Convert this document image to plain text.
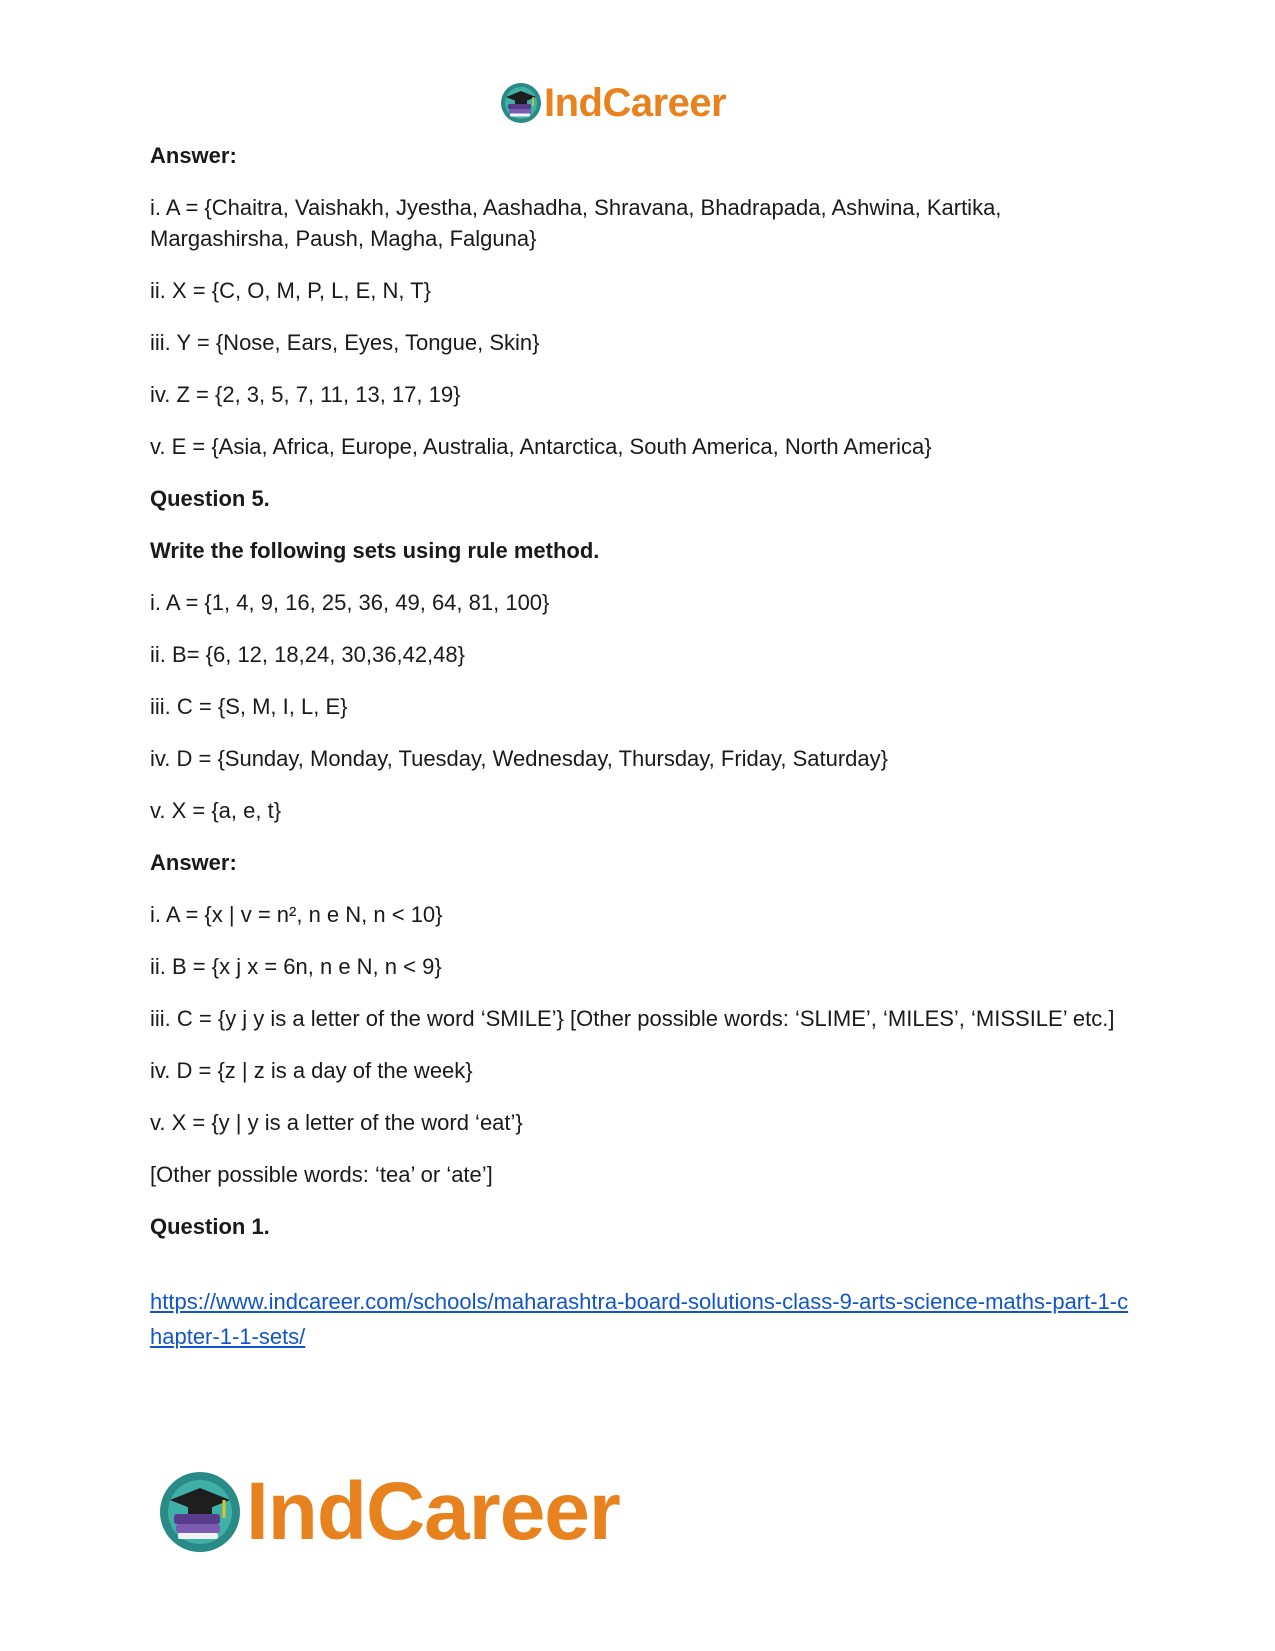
IndCareer

Answer:

i. A = {Chaitra, Vaishakh, Jyestha, Aashadha, Shravana, Bhadrapada, Ashwina, Kartika, Margashirsha, Paush, Magha, Falguna}

ii. X = {C, O, M, P, L, E, N, T}

iii. Y = {Nose, Ears, Eyes, Tongue, Skin}

iv. Z = {2, 3, 5, 7, 11, 13, 17, 19}

v. E = {Asia, Africa, Europe, Australia, Antarctica, South America, North America}

Question 5.

Write the following sets using rule method.

i. A = {1, 4, 9, 16, 25, 36, 49, 64, 81, 100}

ii. B= {6, 12, 18,24, 30,36,42,48}

iii. C = {S, M, I, L, E}

iv. D = {Sunday, Monday, Tuesday, Wednesday, Thursday, Friday, Saturday}

v. X = {a, e, t}

Answer:

i. A = {x | v = n², n e N, n < 10}

ii. B = {x j x = 6n, n e N, n < 9}

iii. C = {y j y is a letter of the word ‘SMILE’} [Other possible words: ‘SLIME’, ‘MILES’, ‘MISSILE’ etc.]

iv. D = {z | z is a day of the week}

v. X = {y | y is a letter of the word ‘eat’}

[Other possible words: ‘tea’ or ‘ate’]

Question 1.

https://www.indcareer.com/schools/maharashtra-board-solutions-class-9-arts-science-maths-part-1-chapter-1-1-sets/
IndCareer
